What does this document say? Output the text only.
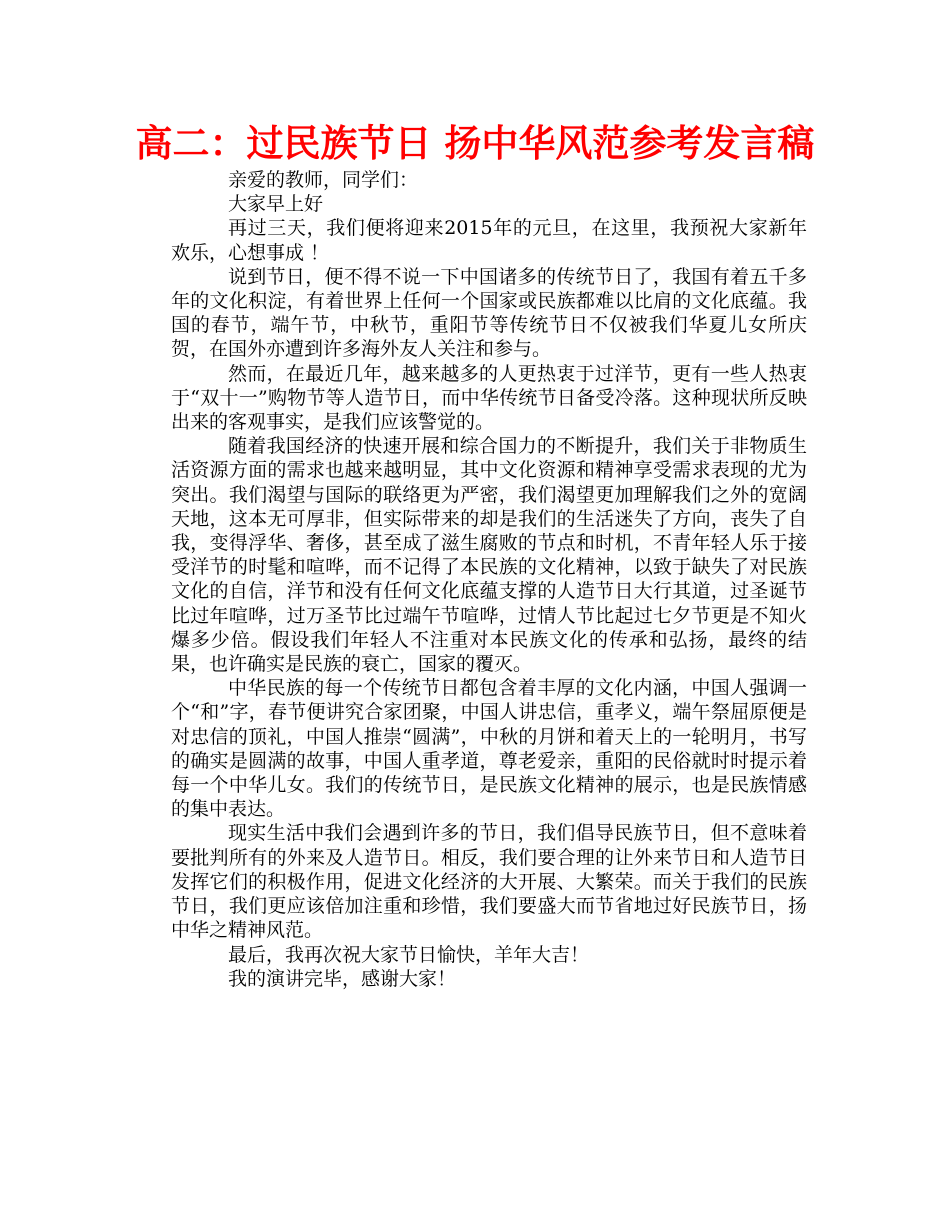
高二：过民族节日 扬中华风范参考发言稿

亲爱的教师，同学们：

大家早上好

再过三天，我们便将迎来2015年的元旦，在这里，我预祝大家新年欢乐，心想事成 ！

说到节日，便不得不说一下中国诸多的传统节日了，我国有着五千多年的文化积淀，有着世界上任何一个国家或民族都难以比肩的文化底蕴。我国的春节，端午节，中秋节，重阳节等传统节日不仅被我们华夏儿女所庆贺，在国外亦遭到许多海外友人关注和参与。

然而，在最近几年，越来越多的人更热衷于过洋节，更有一些人热衷于“双十一”购物节等人造节日，而中华传统节日备受冷落。这种现状所反映出来的客观事实，是我们应该警觉的。

随着我国经济的快速开展和综合国力的不断提升，我们关于非物质生活资源方面的需求也越来越明显，其中文化资源和精神享受需求表现的尤为突出。我们渴望与国际的联络更为严密，我们渴望更加理解我们之外的宽阔天地，这本无可厚非，但实际带来的却是我们的生活迷失了方向，丧失了自我，变得浮华、奢侈，甚至成了滋生腐败的节点和时机，不青年轻人乐于接受洋节的时髦和喧哗，而不记得了本民族的文化精神，以致于缺失了对民族文化的自信，洋节和没有任何文化底蕴支撑的人造节日大行其道，过圣诞节比过年喧哗，过万圣节比过端午节喧哗，过情人节比起过七夕节更是不知火爆多少倍。假设我们年轻人不注重对本民族文化的传承和弘扬，最终的结果，也许确实是民族的衰亡，国家的覆灭。

中华民族的每一个传统节日都包含着丰厚的文化内涵，中国人强调一个“和”字，春节便讲究合家团聚，中国人讲忠信，重孝义，端午祭屈原便是对忠信的顶礼，中国人推崇“圆满”，中秋的月饼和着天上的一轮明月，书写的确实是圆满的故事，中国人重孝道，尊老爱亲，重阳的民俗就时时提示着每一个中华儿女。我们的传统节日，是民族文化精神的展示，也是民族情感的集中表达。

现实生活中我们会遇到许多的节日，我们倡导民族节日，但不意味着要批判所有的外来及人造节日。相反，我们要合理的让外来节日和人造节日发挥它们的积极作用，促进文化经济的大开展、大繁荣。而关于我们的民族节日，我们更应该倍加注重和珍惜，我们要盛大而节省地过好民族节日，扬中华之精神风范。

最后，我再次祝大家节日愉快，羊年大吉！

我的演讲完毕，感谢大家！
